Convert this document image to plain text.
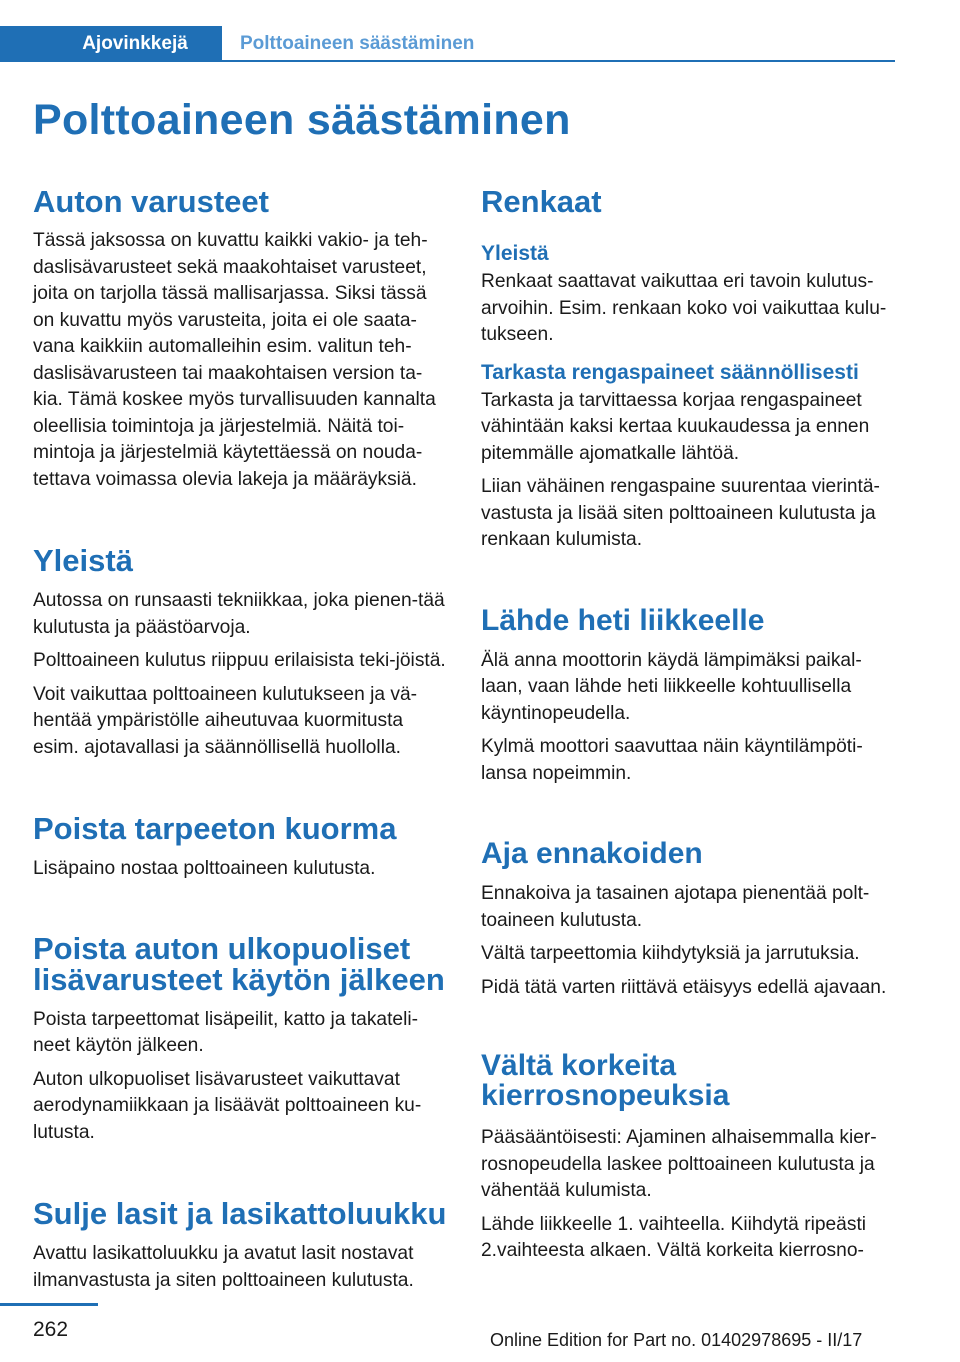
Ajovinkkejä	Polttoaineen säästäminen
Polttoaineen säästäminen
Auton varusteet

Tässä jaksossa on kuvattu kaikki vakio- ja teh-daslisävarusteet sekä maakohtaiset varusteet, joita on tarjolla tässä mallisarjassa. Siksi tässä on kuvattu myös varusteita, joita ei ole saata-vana kaikkiin automalleihin esim. valitun teh-daslisävarusteen tai maakohtaisen version ta-kia. Tämä koskee myös turvallisuuden kannalta oleellisia toimintoja ja järjestelmiä. Näitä toi-mintoja ja järjestelmiä käytettäessä on nouda-tettava voimassa olevia lakeja ja määräyksiä.

Yleistä

Autossa on runsaasti tekniikkaa, joka pienen-tää kulutusta ja päästöarvoja.

Polttoaineen kulutus riippuu erilaisista teki-jöistä.

Voit vaikuttaa polttoaineen kulutukseen ja vä-hentää ympäristölle aiheutuvaa kuormitusta esim. ajotavallasi ja säännöllisellä huollolla.

Poista tarpeeton kuorma

Lisäpaino nostaa polttoaineen kulutusta.

Poista auton ulkopuoliset
lisävarusteet käytön jälkeen

Poista tarpeettomat lisäpeilit, katto ja takateli-neet käytön jälkeen.

Auton ulkopuoliset lisävarusteet vaikuttavat aerodynamiikkaan ja lisäävät polttoaineen ku-lutusta.

Sulje lasit ja lasikattoluukku

Avattu lasikattoluukku ja avatut lasit nostavat ilmanvastusta ja siten polttoaineen kulutusta.

Renkaat
Yleistä

Renkaat saattavat vaikuttaa eri tavoin kulutus-arvoihin. Esim. renkaan koko voi vaikuttaa kulu-tukseen.

Tarkasta rengaspaineet säännöllisesti

Tarkasta ja tarvittaessa korjaa rengaspaineet vähintään kaksi kertaa kuukaudessa ja ennen pitemmälle ajomatkalle lähtöä.

Liian vähäinen rengaspaine suurentaa vierintä-vastusta ja lisää siten polttoaineen kulutusta ja renkaan kulumista.

Lähde heti liikkeelle

Älä anna moottorin käydä lämpimäksi paikal-laan, vaan lähde heti liikkeelle kohtuullisella käyntinopeudella.

Kylmä moottori saavuttaa näin käyntilämpöti-lansa nopeimmin.

Aja ennakoiden

Ennakoiva ja tasainen ajotapa pienentää polt-toaineen kulutusta.

Vältä tarpeettomia kiihdytyksiä ja jarrutuksia.

Pidä tätä varten riittävä etäisyys edellä ajavaan.

Vältä korkeita
kierrosnopeuksia

Pääsääntöisesti: Ajaminen alhaisemmalla kier-rosnopeudella laskee polttoaineen kulutusta ja vähentää kulumista.

Lähde liikkeelle 1. vaihteella. Kiihdytä ripeästi 2.vaihteesta alkaen. Vältä korkeita kierrosno-

262	Online Edition for Part no. 01402978695 - II/17
